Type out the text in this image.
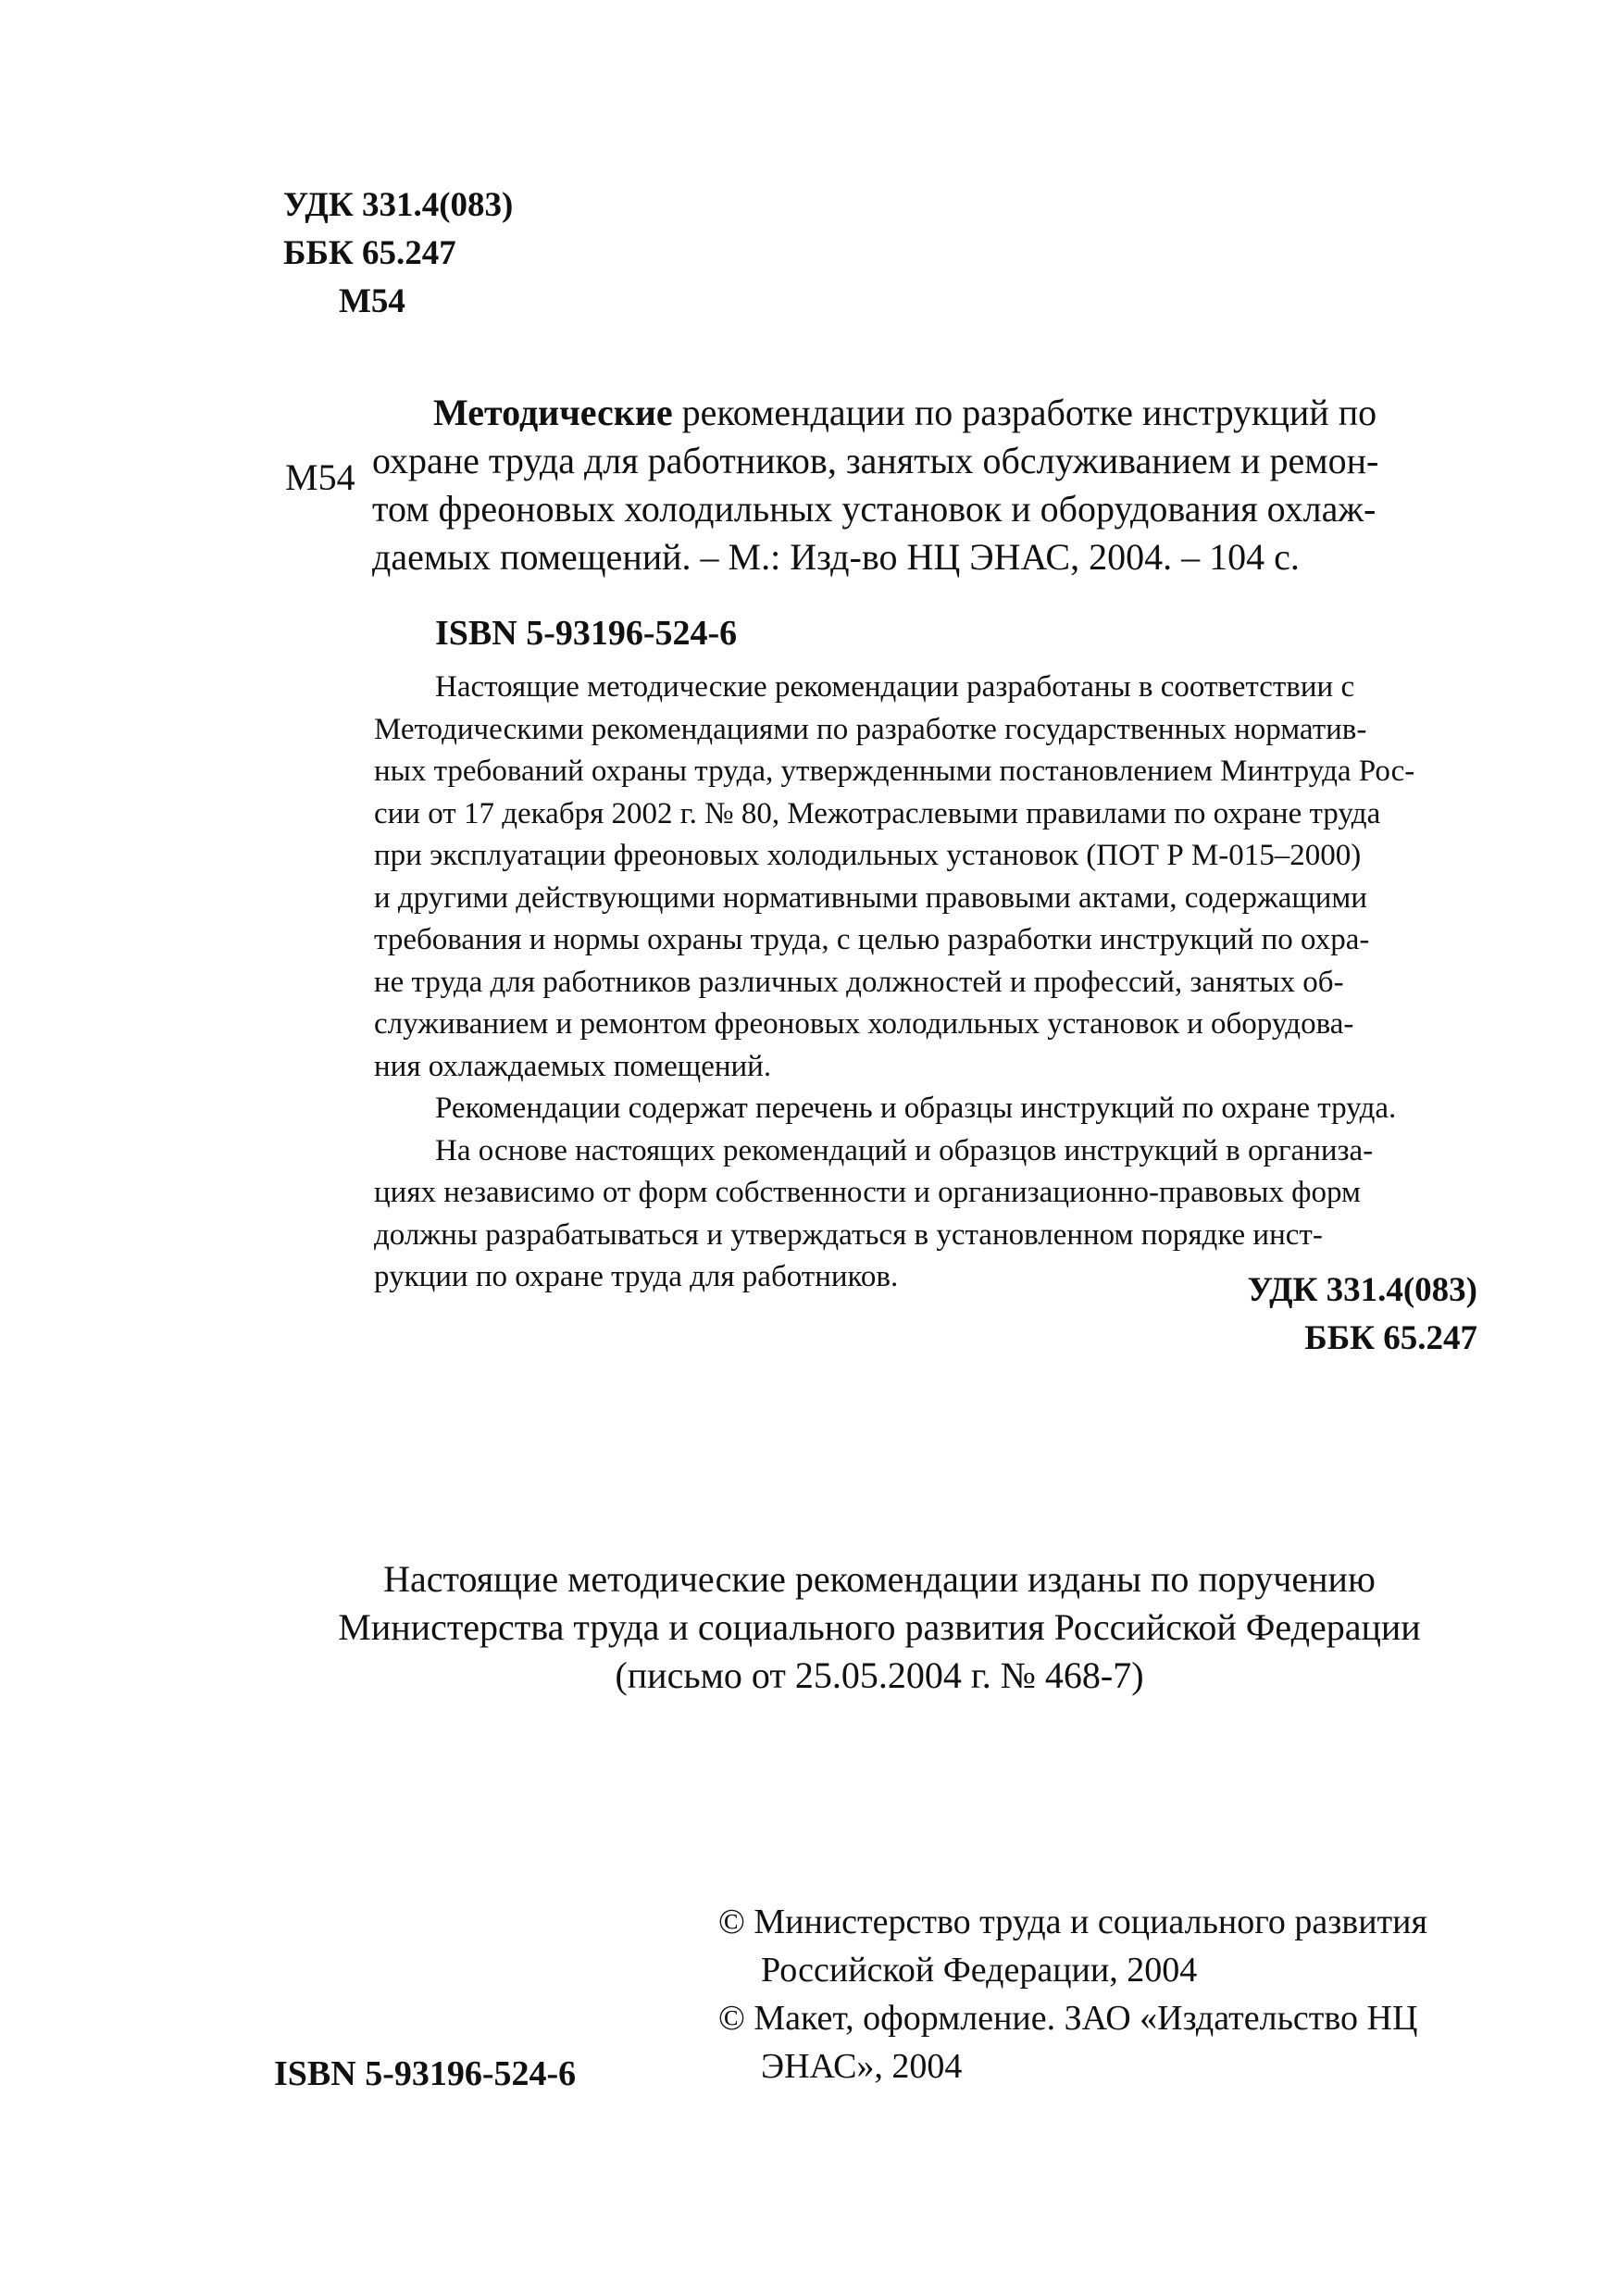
УДК 331.4(083)
ББК 65.247
М54
М54
Методические рекомендации по разработке инструкций по
охране труда для работников, занятых обслуживанием и ремон-
том фреоновых холодильных установок и оборудования охлаж-
даемых помещений. – М.: Изд-во НЦ ЭНАС, 2004. – 104 с.
ISBN 5-93196-524-6
Настоящие методические рекомендации разработаны в соответствии с
Методическими рекомендациями по разработке государственных норматив-
ных требований охраны труда, утвержденными постановлением Минтруда Рос-
сии от 17 декабря 2002 г. № 80, Межотраслевыми правилами по охране труда
при эксплуатации фреоновых холодильных установок (ПОТ Р М-015–2000)
и другими действующими нормативными правовыми актами, содержащими
требования и нормы охраны труда, с целью разработки инструкций по охра-
не труда для работников различных должностей и профессий, занятых об-
служиванием и ремонтом фреоновых холодильных установок и оборудова-
ния охлаждаемых помещений.
Рекомендации содержат перечень и образцы инструкций по охране труда.
На основе настоящих рекомендаций и образцов инструкций в организа-
циях независимо от форм собственности и организационно-правовых форм
должны разрабатываться и утверждаться в установленном порядке инст-
рукции по охране труда для работников.	УДК 331.4(083)
ББК 65.247
Настоящие методические рекомендации изданы по поручению
Министерства труда и социального развития Российской Федерации
(письмо от 25.05.2004 г. № 468-7)
© Министерство труда и социального развития
Российской Федерации, 2004
© Макет, оформление. ЗАО «Издательство НЦ
ЭНАС», 2004
ISBN 5-93196-524-6
